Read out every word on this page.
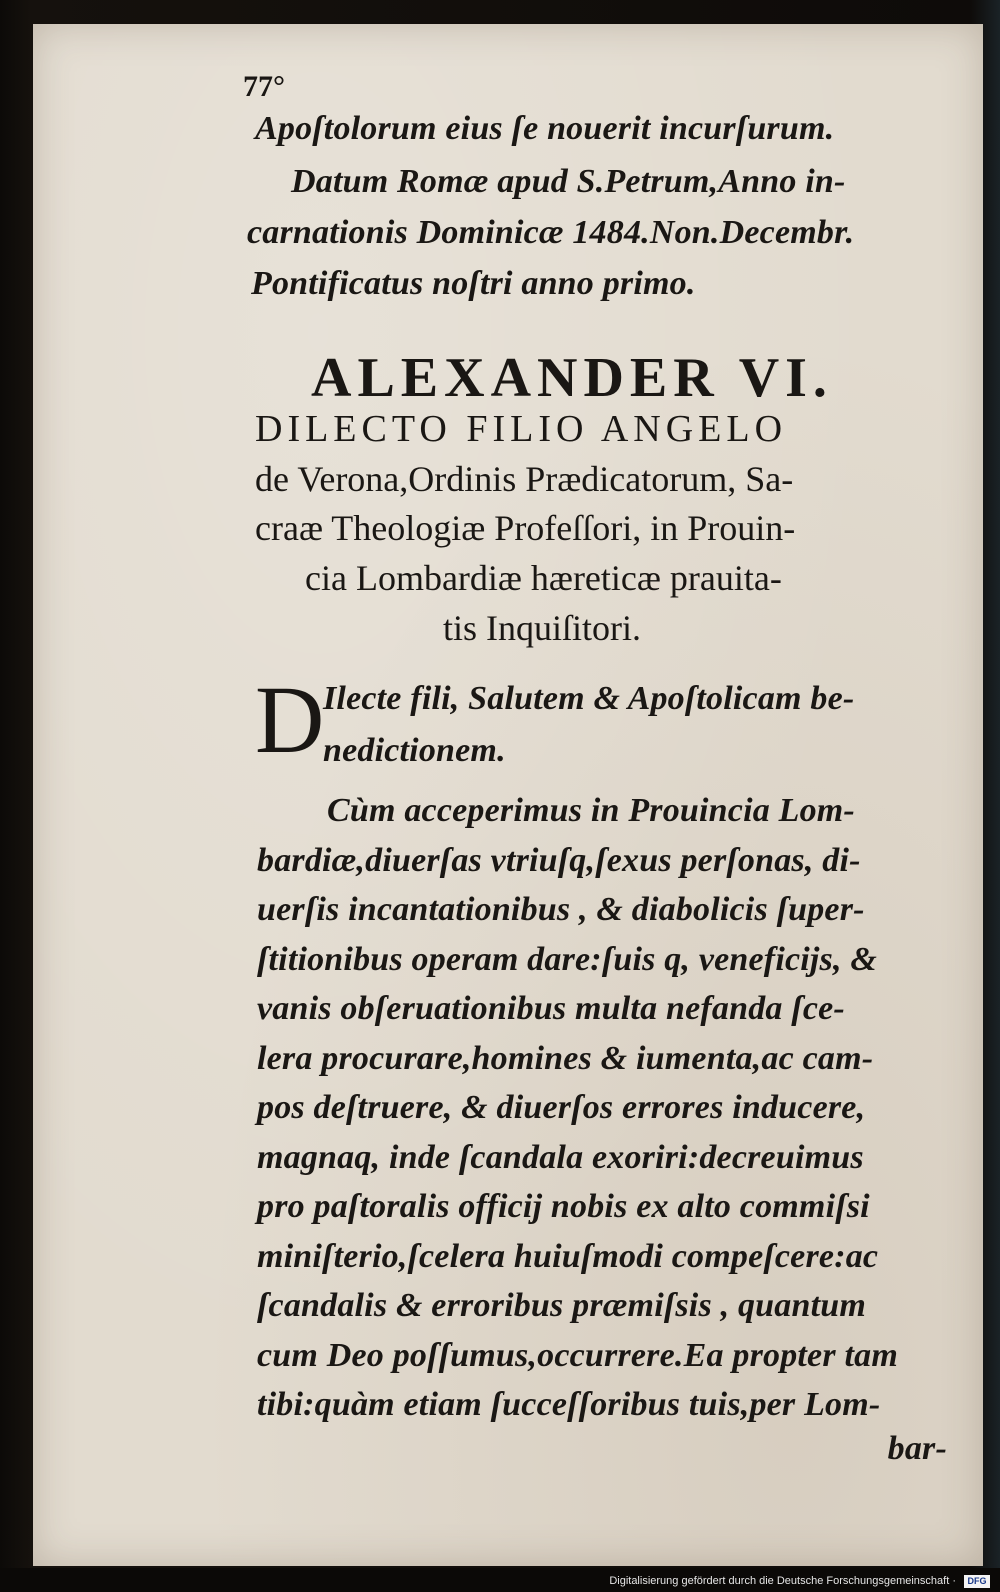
77°
Apoſtolorum eius ſe nouerit incurſurum.
Datum Romæ apud S.Petrum,Anno in-
carnationis Dominicæ 1484.Non.Decembr.
Pontificatus noſtri anno primo.
ALEXANDER VI.
DILECTO FILIO ANGELO
de Verona,Ordinis Prædicatorum, Sa-
craæ Theologiæ Profeſſori, in Prouin-
cia Lombardiæ hæreticæ prauita-
tis Inquiſitori.
D
Ilecte fili, Salutem & Apoſtolicam be-
nedictionem.
Cùm acceperimus in Prouincia Lom-
bardiæ,diuerſas vtriuſq,ſexus perſonas, di-
uerſis incantationibus , & diabolicis ſuper-
ſtitionibus operam dare:ſuis q, veneficijs, &
vanis obſeruationibus multa nefanda ſce-
lera procurare,homines & iumenta,ac cam-
pos deſtruere, & diuerſos errores inducere,
magnaq, inde ſcandala exoriri:decreuimus
pro paſtoralis officij nobis ex alto commiſsi
miniſterio,ſcelera huiuſmodi compeſcere:ac
ſcandalis & erroribus præmiſsis , quantum
cum Deo poſſumus,occurrere.Ea propter tam
tibi:quàm etiam ſucceſſoribus tuis,per Lom-
bar-
Digitalisierung gefördert durch die Deutsche Forschungsgemeinschaft ·	DFG
